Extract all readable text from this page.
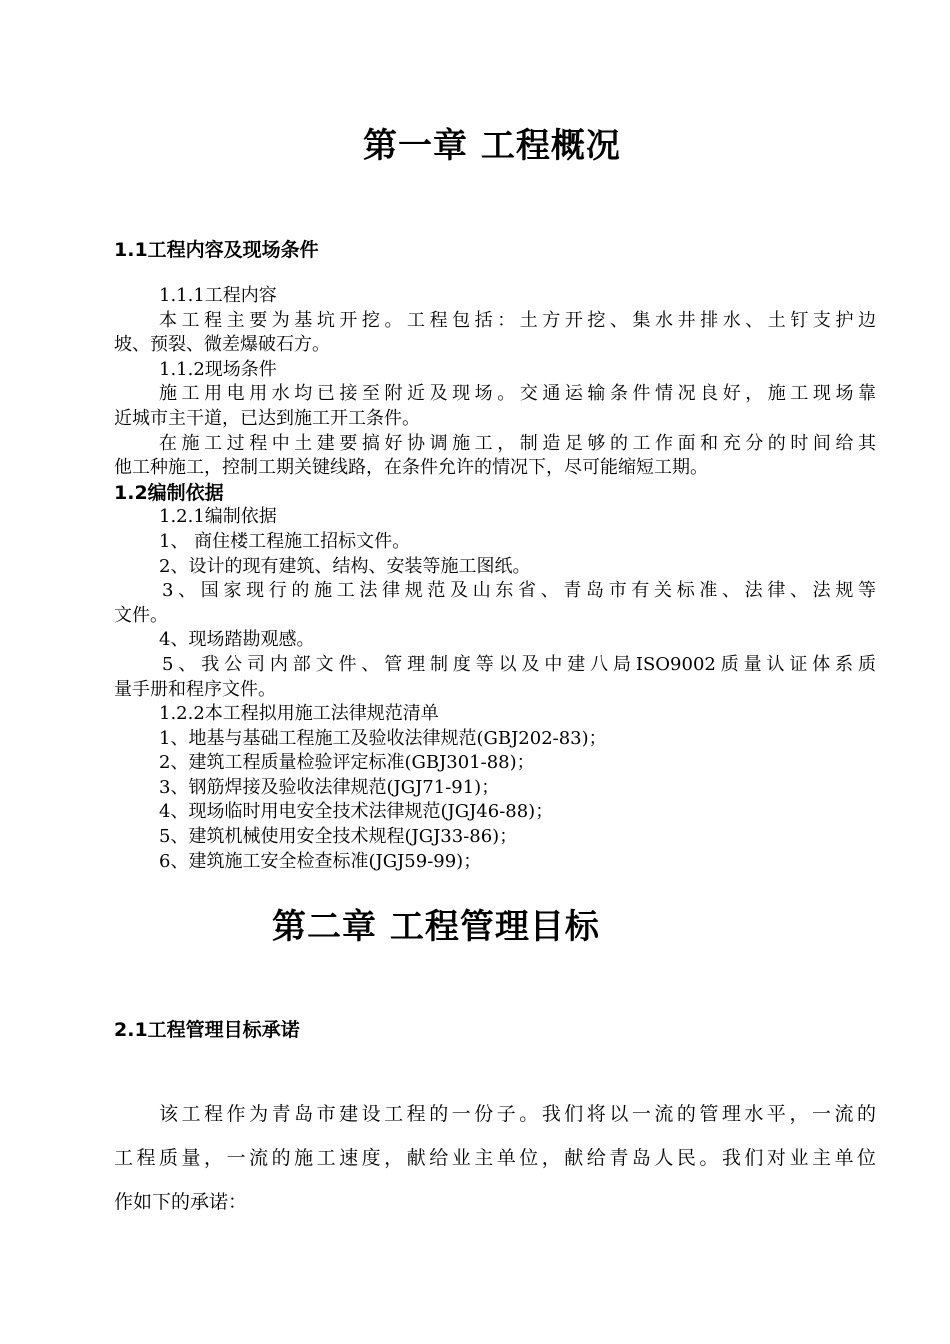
第一章 工程概况
1.1工程内容及现场条件
1.1.1工程内容
本工程主要为基坑开挖。工程包括：土方开挖、集水井排水、土钉支护边
坡、预裂、微差爆破石方。
1.1.2现场条件
施工用电用水均已接至附近及现场。交通运输条件情况良好，施工现场靠
近城市主干道，已达到施工开工条件。
在施工过程中土建要搞好协调施工，制造足够的工作面和充分的时间给其
他工种施工，控制工期关键线路，在条件允许的情况下，尽可能缩短工期。
1.2编制依据
1.2.1编制依据
1、 商住楼工程施工招标文件。
2、设计的现有建筑、结构、安装等施工图纸。
3、国家现行的施工法律规范及山东省、青岛市有关标准、法律、法规等
文件。
4、现场踏勘观感。
5、我公司内部文件、管理制度等以及中建八局ISO9002质量认证体系质
量手册和程序文件。
1.2.2本工程拟用施工法律规范清单
1、地基与基础工程施工及验收法律规范(GBJ202-83)；
2、建筑工程质量检验评定标准(GBJ301-88)；
3、钢筋焊接及验收法律规范(JGJ71-91)；
4、现场临时用电安全技术法律规范(JGJ46-88)；
5、建筑机械使用安全技术规程(JGJ33-86)；
6、建筑施工安全检查标准(JGJ59-99)；
第二章 工程管理目标
2.1工程管理目标承诺
该工程作为青岛市建设工程的一份子。我们将以一流的管理水平，一流的
工程质量，一流的施工速度，献给业主单位，献给青岛人民。我们对业主单位
作如下的承诺：
